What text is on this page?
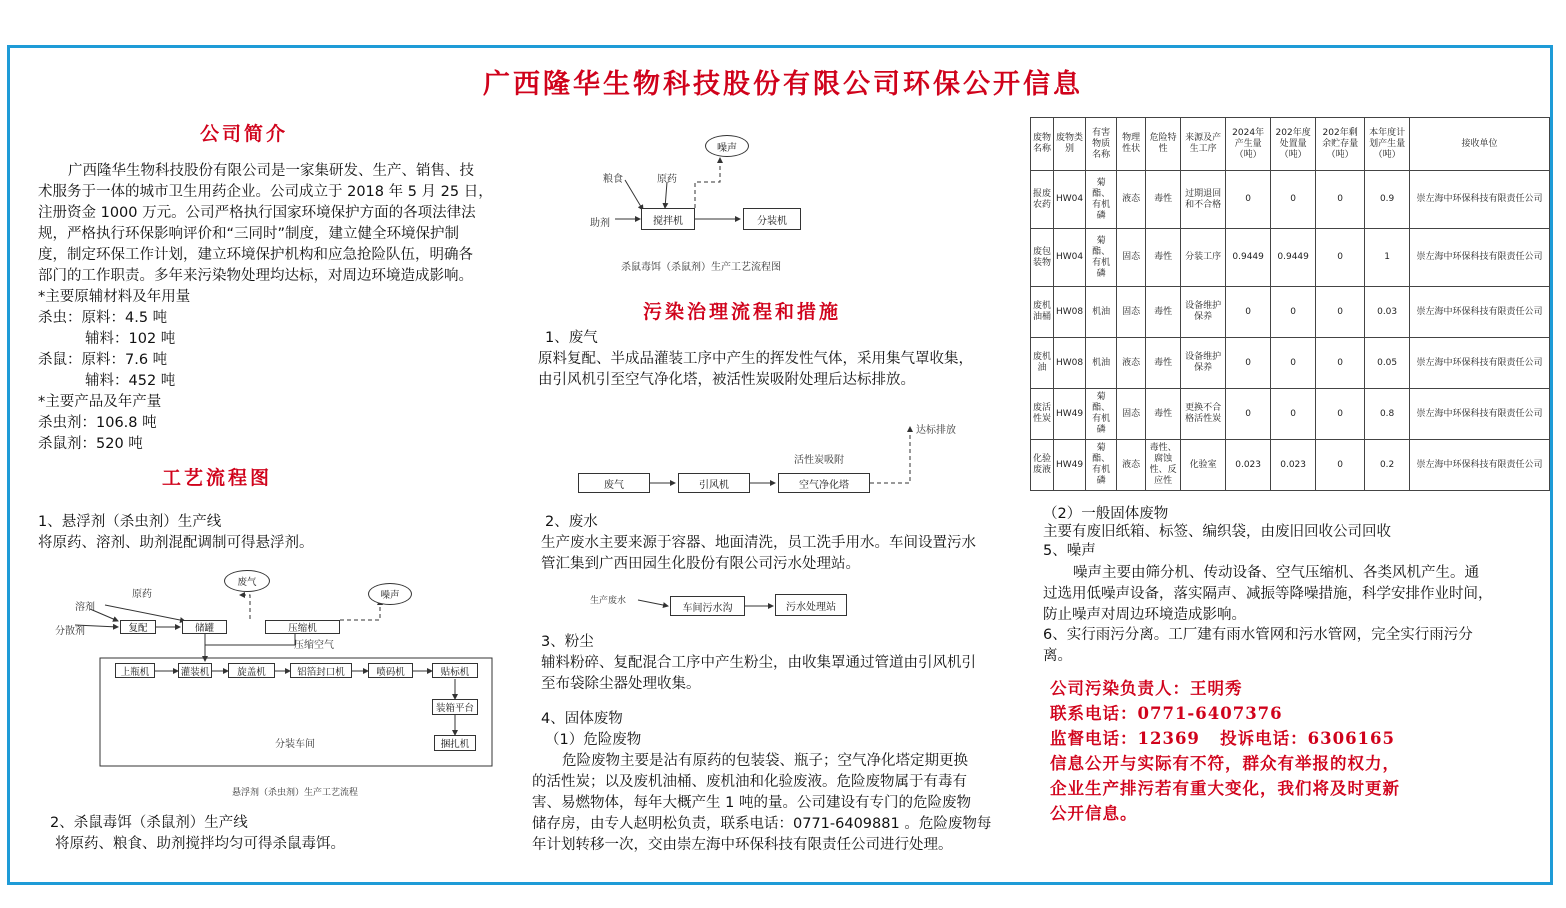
广西隆华生物科技股份有限公司环保公开信息
公司简介
广西隆华生物科技股份有限公司是一家集研发、生产、销售、技
术服务于一体的城市卫生用药企业。公司成立于 2018 年 5 月 25 日，
注册资金 1000 万元。公司严格执行国家环境保护方面的各项法律法
规，严格执行环保影响评价和“三同时”制度，建立健全环境保护制
度，制定环保工作计划，建立环境保护机构和应急抢险队伍，明确各
部门的工作职责。多年来污染物处理均达标，对周边环境造成影响。
*主要原辅材料及年用量
杀虫：原料：4.5 吨
辅料：102 吨
杀鼠：原料：7.6 吨
辅料：452 吨
*主要产品及年产量
杀虫剂：106.8 吨
杀鼠剂：520 吨
工艺流程图
1、悬浮剂（杀虫剂）生产线
将原药、溶剂、助剂混配调制可得悬浮剂。
原药
溶剂
分散剂	复配	储罐	压缩机
废气
噪声
压缩空气
上瓶机	灌装机	旋盖机	铝箔封口机	喷码机	贴标机
装箱平台
捆扎机
分装车间
悬浮剂（杀虫剂）生产工艺流程
2、杀鼠毒饵（杀鼠剂）生产线
将原药、粮食、助剂搅拌均匀可得杀鼠毒饵。
粮食	原药
助剂	搅拌机	分装机
噪声
杀鼠毒饵（杀鼠剂）生产工艺流程图
污染治理流程和措施
1、废气
原料复配、半成品灌装工序中产生的挥发性气体，采用集气罩收集，
由引风机引至空气净化塔，被活性炭吸附处理后达标排放。
废气	引风机	空气净化塔
活性炭吸附
达标排放
2、废水
生产废水主要来源于容器、地面清洗，员工洗手用水。车间设置污水
管汇集到广西田园生化股份有限公司污水处理站。
生产废水
车间污水沟	污水处理站
3、粉尘
辅料粉碎、复配混合工序中产生粉尘，由收集罩通过管道由引风机引
至布袋除尘器处理收集。
4、固体废物
（1）危险废物
危险废物主要是沾有原药的包装袋、瓶子；空气净化塔定期更换
的活性炭；以及废机油桶、废机油和化验废液。危险废物属于有毒有
害、易燃物体，每年大概产生 1 吨的量。公司建设有专门的危险废物
储存房，由专人赵明松负责，联系电话：0771-6409881 。危险废物每
年计划转移一次，交由崇左海中环保科技有限责任公司进行处理。
废物名称	废物类别	有害物质名称	物理性状	危险特性	来源及产生工序	2024年产生量（吨）	202年度处置量（吨）	202年剩余贮存量（吨）	本年度计划产生量（吨）	接收单位
报废农药	HW04	菊酯、有机磷	液态	毒性	过期退回和不合格	0	0	0	0.9	崇左海中环保科技有限责任公司
废包装物	HW04	菊酯、有机磷	固态	毒性	分装工序	0.9449	0.9449	0	1	崇左海中环保科技有限责任公司
废机油桶	HW08	机油	固态	毒性	设备维护保养	0	0	0	0.03	崇左海中环保科技有限责任公司
废机油	HW08	机油	液态	毒性	设备维护保养	0	0	0	0.05	崇左海中环保科技有限责任公司
废活性炭	HW49	菊酯、有机磷	固态	毒性	更换不合格活性炭	0	0	0	0.8	崇左海中环保科技有限责任公司
化验废液	HW49	菊酯、有机磷	液态	毒性、腐蚀性、反应性	化验室	0.023	0.023	0	0.2	崇左海中环保科技有限责任公司
（2）一般固体废物
主要有废旧纸箱、标签、编织袋，由废旧回收公司回收
5、噪声
噪声主要由筛分机、传动设备、空气压缩机、各类风机产生。通
过选用低噪声设备，落实隔声、减振等降噪措施，科学安排作业时间，
防止噪声对周边环境造成影响。
6、实行雨污分离。工厂建有雨水管网和污水管网，完全实行雨污分
离。
公司污染负责人：王明秀
联系电话：0771-6407376
监督电话：12369   投诉电话：6306165
信息公开与实际有不符，群众有举报的权力，
企业生产排污若有重大变化，我们将及时更新
公开信息。
